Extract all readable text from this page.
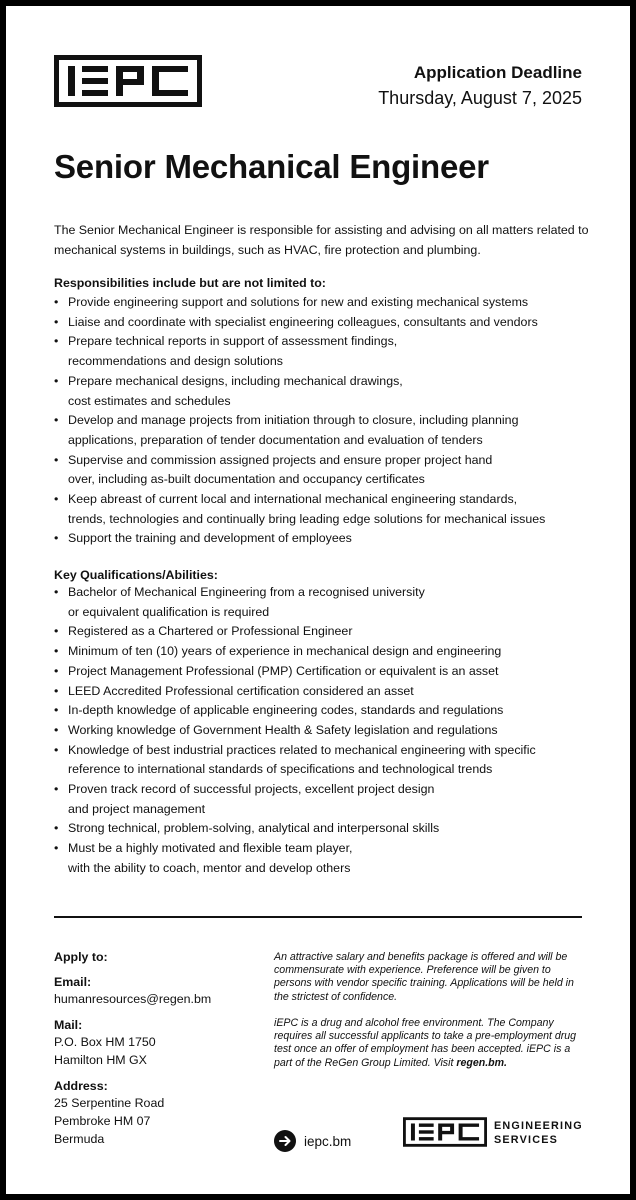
Application Deadline
Thursday, August 7, 2025
Senior Mechanical Engineer
The Senior Mechanical Engineer is responsible for assisting and advising on all matters related to mechanical systems in buildings, such as HVAC, fire protection and plumbing.
Responsibilities include but are not limited to:
• Provide engineering support and solutions for new and existing mechanical systems
• Liaise and coordinate with specialist engineering colleagues, consultants and vendors
• Prepare technical reports in support of assessment findings,
recommendations and design solutions
• Prepare mechanical designs, including mechanical drawings,
cost estimates and schedules
• Develop and manage projects from initiation through to closure, including planning
applications, preparation of tender documentation and evaluation of tenders
• Supervise and commission assigned projects and ensure proper project hand
over, including as-built documentation and occupancy certificates
• Keep abreast of current local and international mechanical engineering standards,
trends, technologies and continually bring leading edge solutions for mechanical issues
• Support the training and development of employees
Key Qualifications/Abilities:
• Bachelor of Mechanical Engineering from a recognised university
or equivalent qualification is required
• Registered as a Chartered or Professional Engineer
• Minimum of ten (10) years of experience in mechanical design and engineering
• Project Management Professional (PMP) Certification or equivalent is an asset
• LEED Accredited Professional certification considered an asset
• In-depth knowledge of applicable engineering codes, standards and regulations
• Working knowledge of Government Health & Safety legislation and regulations
• Knowledge of best industrial practices related to mechanical engineering with specific
reference to international standards of specifications and technological trends
• Proven track record of successful projects, excellent project design
and project management
• Strong technical, problem-solving, analytical and interpersonal skills
• Must be a highly motivated and flexible team player,
with the ability to coach, mentor and develop others
Apply to:
Email:
humanresources@regen.bm
Mail:
P.O. Box HM 1750
Hamilton HM GX
Address:
25 Serpentine Road
Pembroke HM 07
Bermuda
An attractive salary and benefits package is offered and will be commensurate with experience. Preference will be given to persons with vendor specific training. Applications will be held in the strictest of confidence.
iEPC is a drug and alcohol free environment. The Company requires all successful applicants to take a pre-employment drug test once an offer of employment has been accepted. iEPC is a part of the ReGen Group Limited. Visit regen.bm.
iepc.bm
ENGINEERING
SERVICES
